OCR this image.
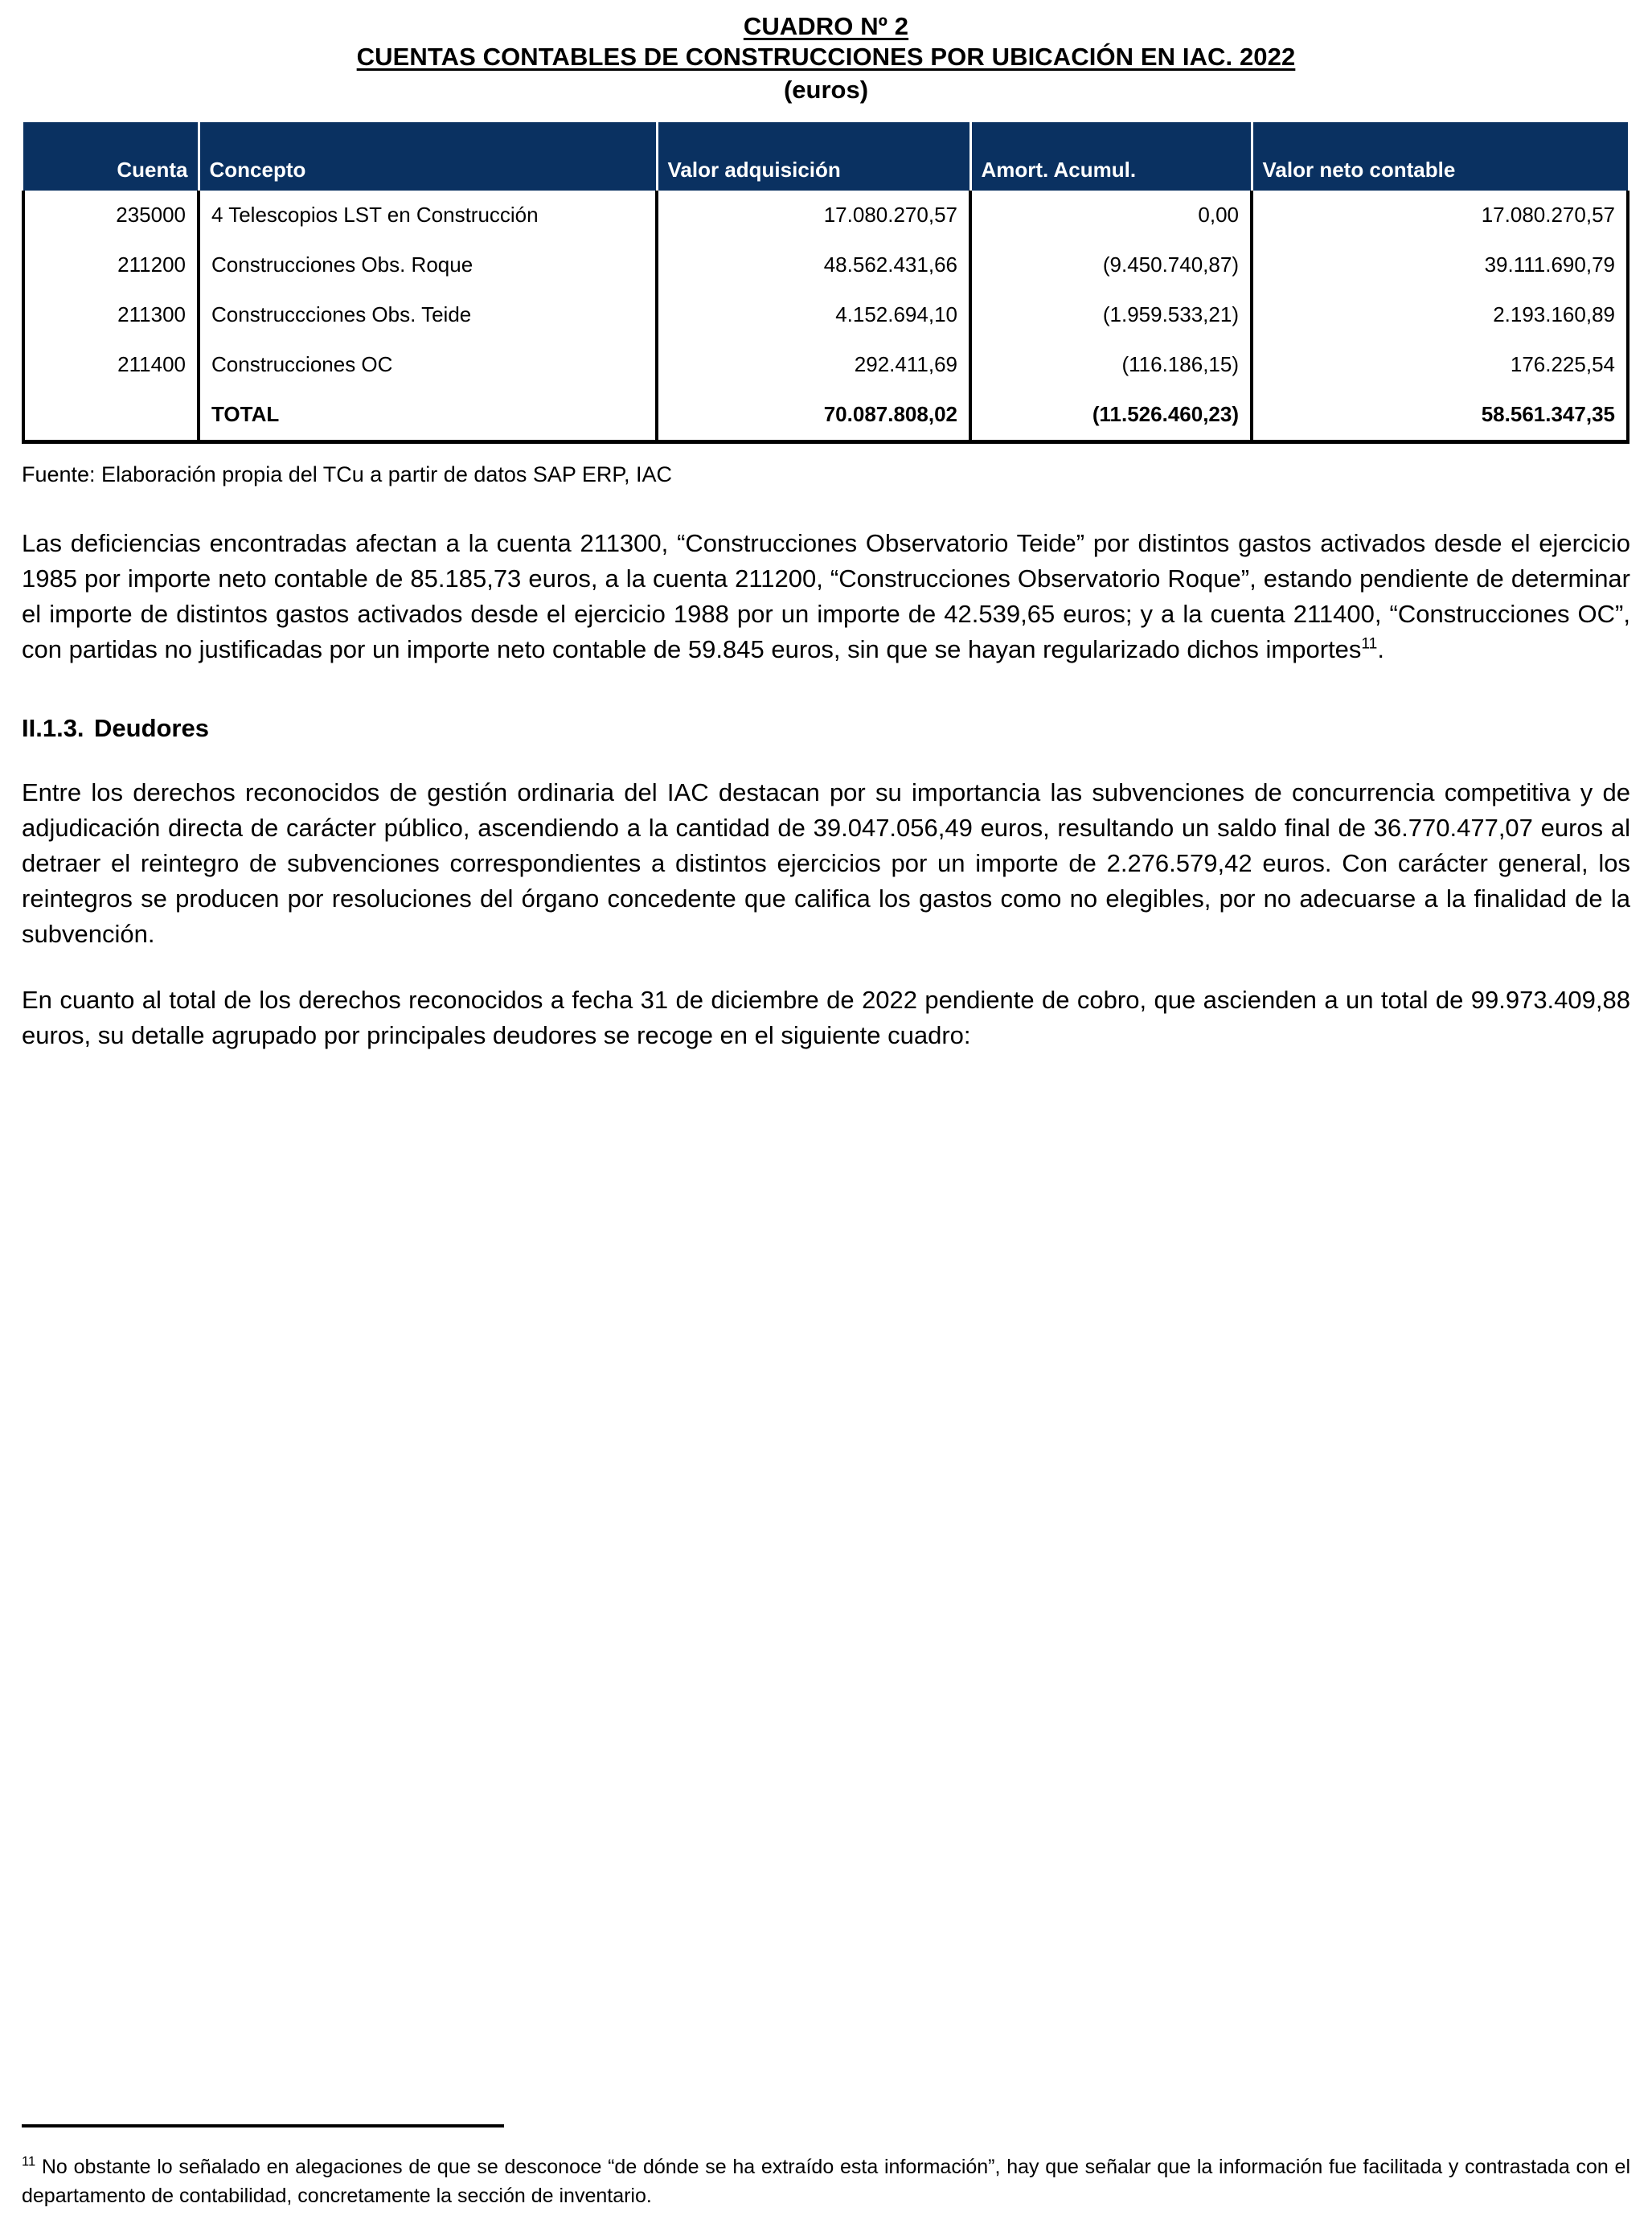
CUADRO Nº 2
CUENTAS CONTABLES DE CONSTRUCCIONES POR UBICACIÓN EN IAC. 2022
(euros)
Cuenta	Concepto	Valor adquisición	Amort. Acumul.	Valor neto contable
235000	4 Telescopios LST en Construcción	17.080.270,57	0,00	17.080.270,57
211200	Construcciones Obs. Roque	48.562.431,66	(9.450.740,87)	39.111.690,79
211300	Construccciones Obs. Teide	4.152.694,10	(1.959.533,21)	2.193.160,89
211400	Construcciones OC	292.411,69	(116.186,15)	176.225,54
	TOTAL	70.087.808,02	(11.526.460,23)	58.561.347,35
Fuente: Elaboración propia del TCu a partir de datos SAP ERP, IAC

Las deficiencias encontradas afectan a la cuenta 211300, “Construcciones Observatorio Teide” por distintos gastos activados desde el ejercicio 1985 por importe neto contable de 85.185,73 euros, a la cuenta 211200, “Construcciones Observatorio Roque”, estando pendiente de determinar el importe de distintos gastos activados desde el ejercicio 1988 por un importe de 42.539,65 euros; y a la cuenta 211400, “Construcciones OC”, con partidas no justificadas por un importe neto contable de 59.845 euros, sin que se hayan regularizado dichos importes$^{11}$.

II.1.3. Deudores

Entre los derechos reconocidos de gestión ordinaria del IAC destacan por su importancia las subvenciones de concurrencia competitiva y de adjudicación directa de carácter público, ascendiendo a la cantidad de 39.047.056,49 euros, resultando un saldo final de 36.770.477,07 euros al detraer el reintegro de subvenciones correspondientes a distintos ejercicios por un importe de 2.276.579,42 euros. Con carácter general, los reintegros se producen por resoluciones del órgano concedente que califica los gastos como no elegibles, por no adecuarse a la finalidad de la subvención.

En cuanto al total de los derechos reconocidos a fecha 31 de diciembre de 2022 pendiente de cobro, que ascienden a un total de 99.973.409,88 euros, su detalle agrupado por principales deudores se recoge en el siguiente cuadro:

$^{11}$ No obstante lo señalado en alegaciones de que se desconoce “de dónde se ha extraído esta información”, hay que señalar que la información fue facilitada y contrastada con el departamento de contabilidad, concretamente la sección de inventario.
